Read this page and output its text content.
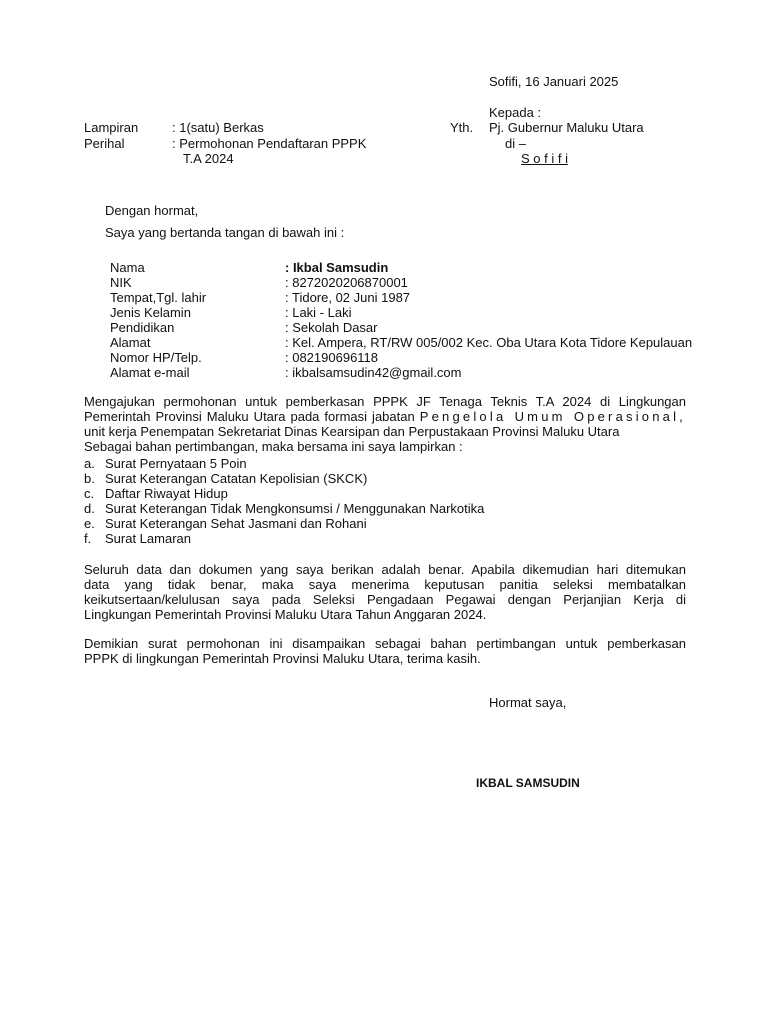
Sofifi, 16 Januari 2025
Kepada :
Lampiran	: 1(satu) Berkas
Perihal	: Permohonan Pendaftaran PPPK
T.A 2024
Yth. Pj. Gubernur Maluku Utara
di –
S o f i f i
Dengan hormat,
Saya yang bertanda tangan di bawah ini :
Nama	: Ikbal Samsudin
NIK	: 8272020206870001
Tempat,Tgl. lahir	: Tidore, 02 Juni 1987
Jenis Kelamin	: Laki - Laki
Pendidikan	: Sekolah Dasar
Alamat	: Kel. Ampera, RT/RW 005/002 Kec. Oba Utara Kota Tidore Kepulauan
Nomor HP/Telp.	: 082190696118
Alamat e-mail	: ikbalsamsudin42@gmail.com
Mengajukan permohonan untuk pemberkasan PPPK JF Tenaga Teknis T.A 2024 di Lingkungan
Pemerintah Provinsi Maluku Utara pada formasi jabatan Pengelola Umum Operasional,
unit kerja Penempatan Sekretariat Dinas Kearsipan dan Perpustakaan Provinsi Maluku Utara
Sebagai bahan pertimbangan, maka bersama ini saya lampirkan :
a. Surat Pernyataan 5 Poin
b. Surat Keterangan Catatan Kepolisian (SKCK)
c. Daftar Riwayat Hidup
d. Surat Keterangan Tidak Mengkonsumsi / Menggunakan Narkotika
e. Surat Keterangan Sehat Jasmani dan Rohani
f. Surat Lamaran
Seluruh data dan dokumen yang saya berikan adalah benar. Apabila dikemudian hari ditemukan
data yang tidak benar, maka saya menerima keputusan panitia seleksi membatalkan
keikutsertaan/kelulusan saya pada Seleksi Pengadaan Pegawai dengan Perjanjian Kerja di
Lingkungan Pemerintah Provinsi Maluku Utara Tahun Anggaran 2024.
Demikian surat permohonan ini disampaikan sebagai bahan pertimbangan untuk pemberkasan
PPPK di lingkungan Pemerintah Provinsi Maluku Utara, terima kasih.
Hormat saya,
IKBAL SAMSUDIN
